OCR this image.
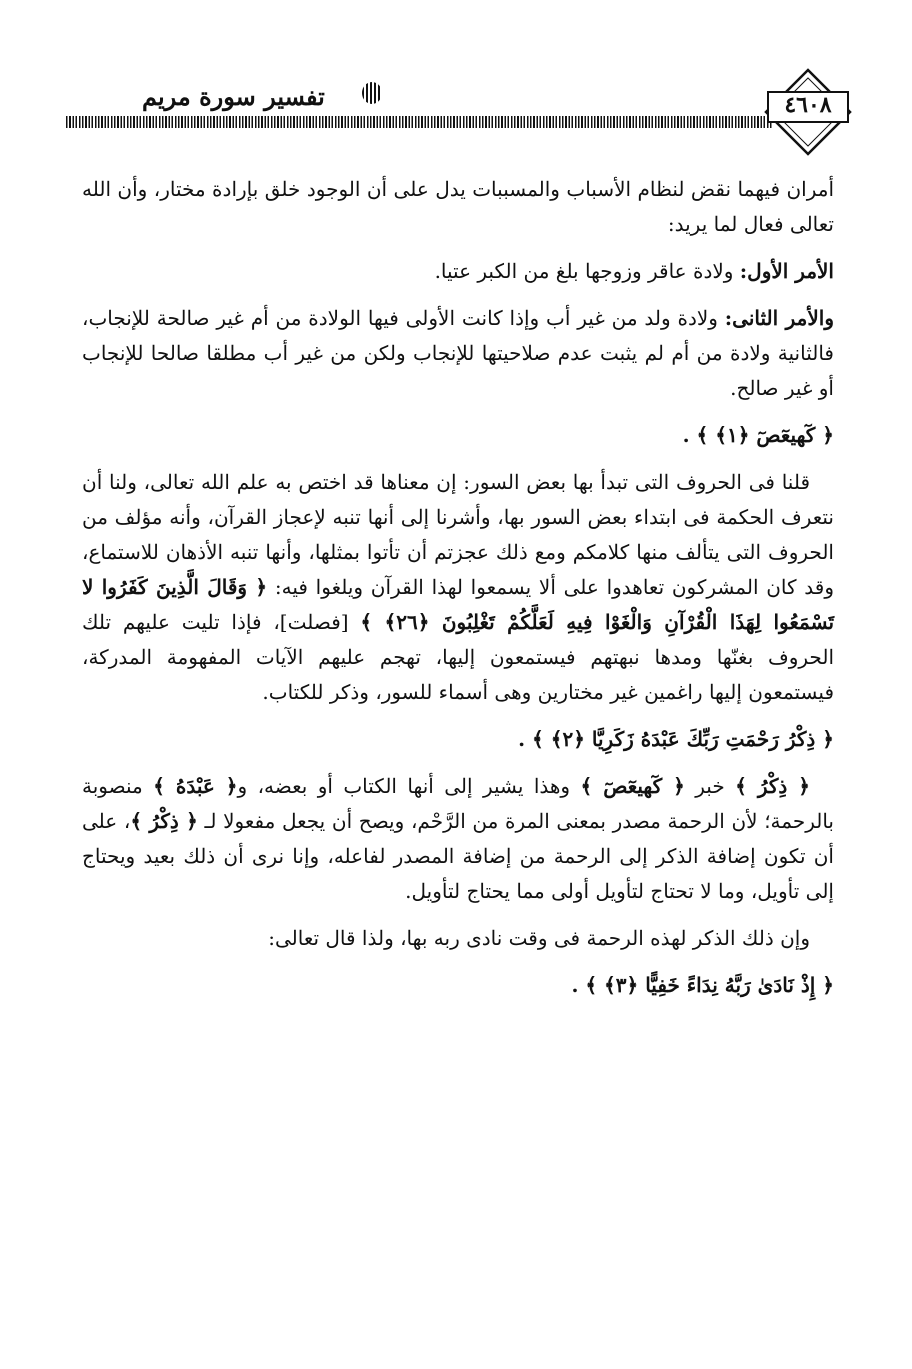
تفسير سورة مريم	٤٦٠٨

أمران فيهما نقض لنظام الأسباب والمسببات يدل على أن الوجود خلق بإرادة مختار، وأن الله تعالى فعال لما يريد:

الأمر الأول: ولادة عاقر وزوجها بلغ من الكبر عتيا.

والأمر الثانى: ولادة ولد من غير أب وإذا كانت الأولى فيها الولادة من أم غير صالحة للإنجاب، فالثانية ولادة من أم لم يثبت عدم صلاحيتها للإنجاب ولكن من غير أب مطلقا صالحا للإنجاب أو غير صالح.

﴿ كٓهيعٓصٓ ﴿١﴾ ﴾ .

قلنا فى الحروف التى تبدأ بها بعض السور: إن معناها قد اختص به علم الله تعالى، ولنا أن نتعرف الحكمة فى ابتداء بعض السور بها، وأشرنا إلى أنها تنبه لإعجاز القرآن، وأنه مؤلف من الحروف التى يتألف منها كلامكم ومع ذلك عجزتم أن تأتوا بمثلها، وأنها تنبه الأذهان للاستماع، وقد كان المشركون تعاهدوا على ألا يسمعوا لهذا القرآن ويلغوا فيه: ﴿ وَقَالَ الَّذِينَ كَفَرُوا لا تَسْمَعُوا لِهَذَا الْقُرْآنِ وَالْغَوْا فِيهِ لَعَلَّكُمْ تَغْلِبُونَ ﴿٢٦﴾ ﴾ [فصلت]، فإذا تليت عليهم تلك الحروف بغنّها ومدها نبهتهم فيستمعون إليها، تهجم عليهم الآيات المفهومة المدركة، فيستمعون إليها راغمين غير مختارين وهى أسماء للسور، وذكر للكتاب.

﴿ ذِكْرُ رَحْمَتِ رَبِّكَ عَبْدَهُ زَكَرِيَّا ﴿٢﴾ ﴾ .

﴿ ذِكْرُ ﴾ خبر ﴿ كٓهيعٓصٓ ﴾ وهذا يشير إلى أنها الكتاب أو بعضه، و﴿ عَبْدَهُ ﴾ منصوبة بالرحمة؛ لأن الرحمة مصدر بمعنى المرة من الرَّحْم، ويصح أن يجعل مفعولا لـ ﴿ ذِكْرُ ﴾، على أن تكون إضافة الذكر إلى الرحمة من إضافة المصدر لفاعله، وإنا نرى أن ذلك بعيد ويحتاج إلى تأويل، وما لا تحتاج لتأويل أولى مما يحتاج لتأويل.

وإن ذلك الذكر لهذه الرحمة فى وقت نادى ربه بها، ولذا قال تعالى:

﴿ إِذْ نَادَىٰ رَبَّهُ نِدَاءً خَفِيًّا ﴿٣﴾ ﴾ .
